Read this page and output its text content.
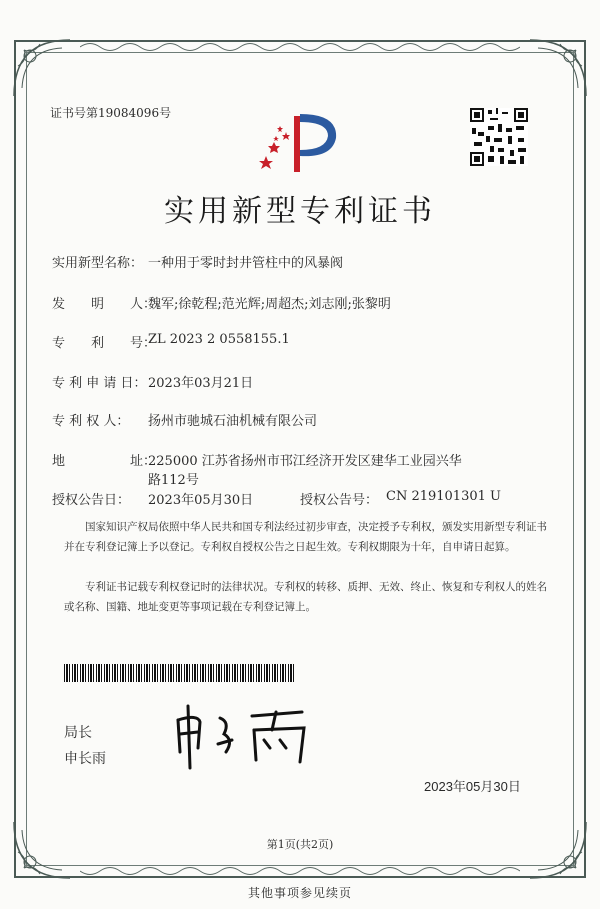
证书号第19084096号
实用新型专利证书
实用新型名称： 一种用于零时封井管柱中的风暴阀
发　　明　　人：
魏军;徐乾程;范光辉;周超杰;刘志刚;张黎明
专　　利　　号：
ZL 2023 2 0558155.1
专 利 申 请 日： 2023年03月21日
专 利 权 人： 扬州市驰城石油机械有限公司
地　　　　　址：
225000 江苏省扬州市邗江经济开发区建华工业园兴华
路112号
授权公告日： 2023年05月30日	授权公告号： CN 219101301 U
　　国家知识产权局依照中华人民共和国专利法经过初步审查，决定授予专利权，颁发实用新型专利证书并在专利登记簿上予以登记。专利权自授权公告之日起生效。专利权期限为十年，自申请日起算。
　　专利证书记载专利权登记时的法律状况。专利权的转移、质押、无效、终止、恢复和专利权人的姓名或名称、国籍、地址变更等事项记载在专利登记簿上。
局长
申长雨
2023年05月30日
第1页(共2页)
其他事项参见续页
